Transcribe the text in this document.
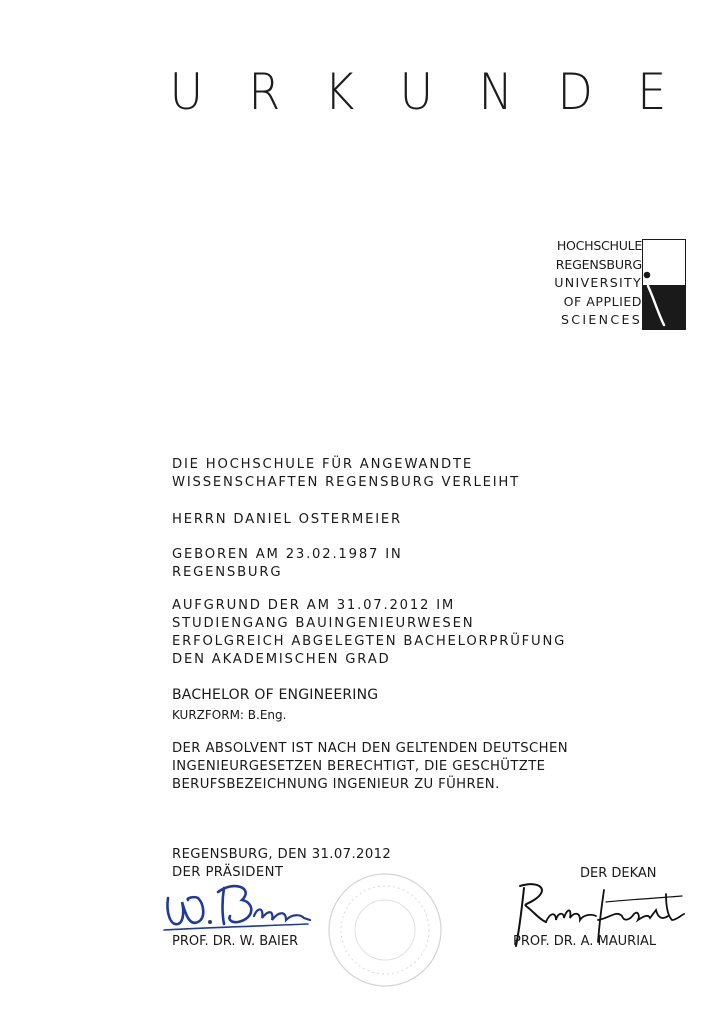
U R K U N D E
HOCHSCHULE
REGENSBURG
UNIVERSITY
OF APPLIED
SCIENCES
DIE HOCHSCHULE FÜR ANGEWANDTE
WISSENSCHAFTEN REGENSBURG VERLEIHT
HERRN DANIEL OSTERMEIER
GEBOREN AM 23.02.1987 IN
REGENSBURG
AUFGRUND DER AM 31.07.2012 IM
STUDIENGANG BAUINGENIEURWESEN
ERFOLGREICH ABGELEGTEN BACHELORPRÜFUNG
DEN AKADEMISCHEN GRAD
BACHELOR OF ENGINEERING
KURZFORM: B.Eng.
DER ABSOLVENT IST NACH DEN GELTENDEN DEUTSCHEN
INGENIEURGESETZEN BERECHTIGT, DIE GESCHÜTZTE
BERUFSBEZEICHNUNG INGENIEUR ZU FÜHREN.
REGENSBURG, DEN 31.07.2012
DER PRÄSIDENT	DER DEKAN
PROF. DR. W. BAIER	PROF. DR. A. MAURIAL
